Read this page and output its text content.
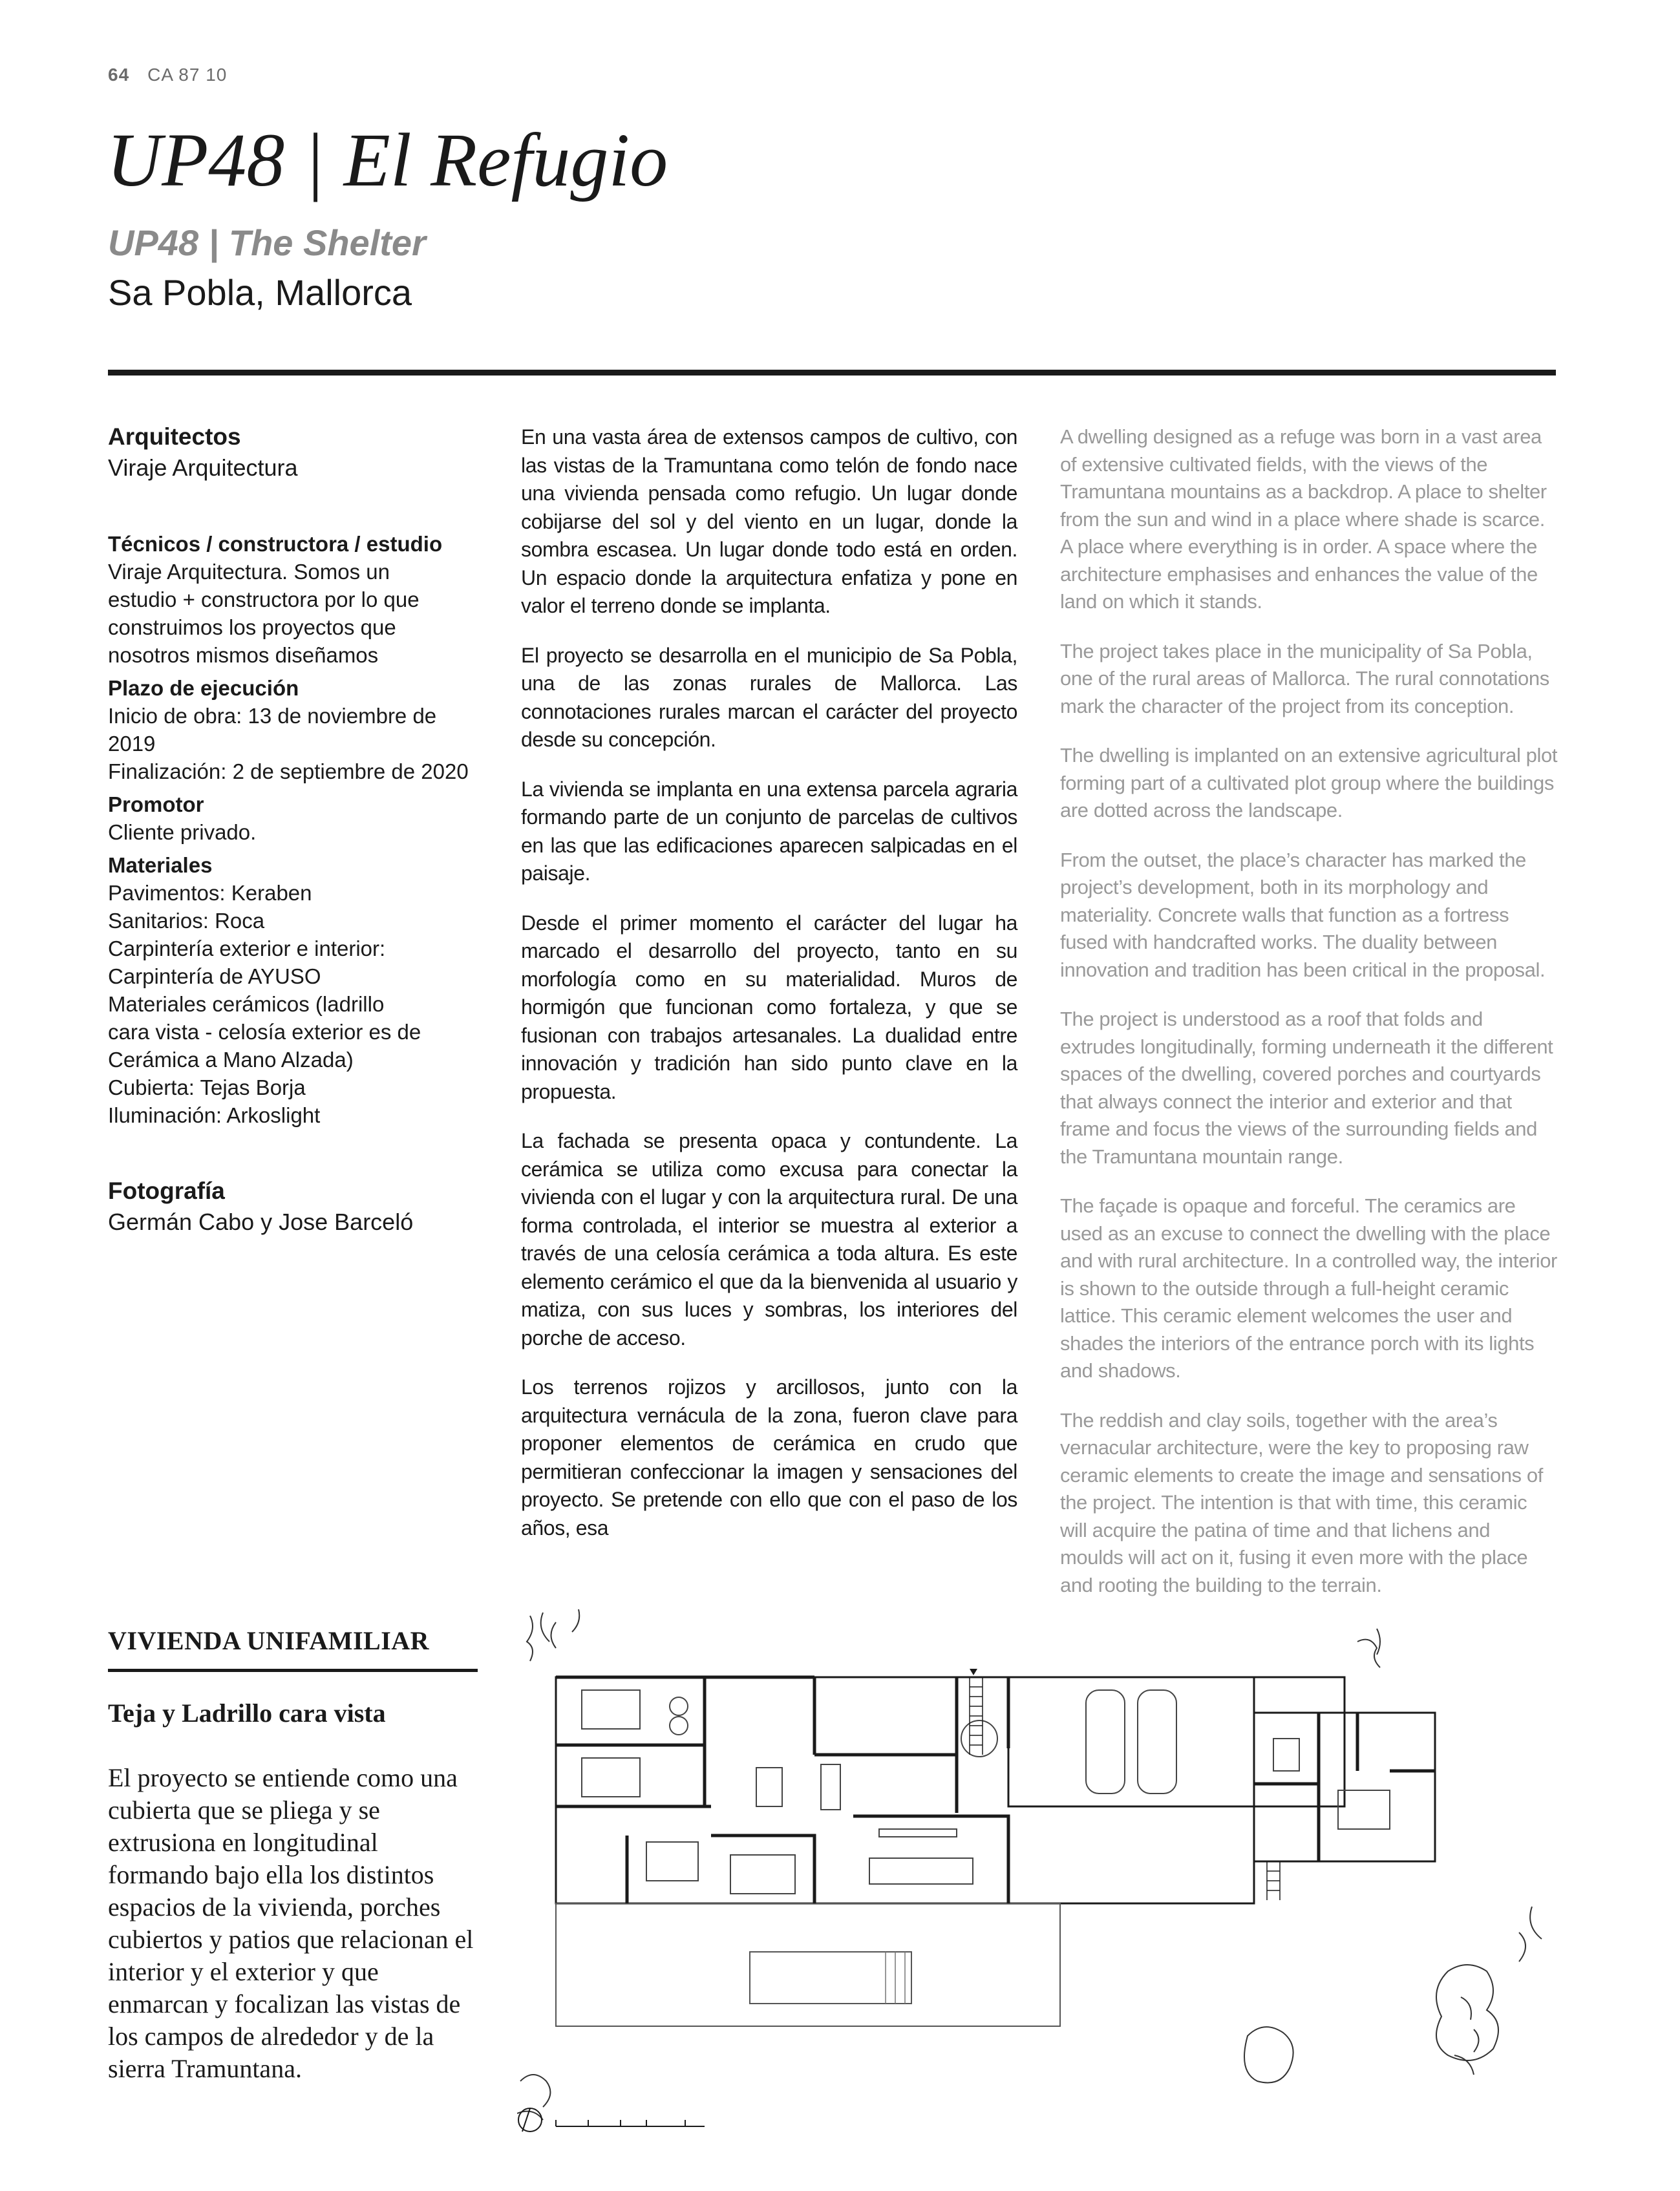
64 CA 87 10
UP48 | El Refugio
UP48 | The Shelter
Sa Pobla, Mallorca
Arquitectos
Viraje Arquitectura
Técnicos / constructora / estudio
Viraje Arquitectura. Somos un
estudio + constructora por lo que
construimos los proyectos que
nosotros mismos diseñamos
Plazo de ejecución
Inicio de obra: 13 de noviembre de
2019
Finalización: 2 de septiembre de 2020
Promotor
Cliente privado.
Materiales
Pavimentos: Keraben
Sanitarios: Roca
Carpintería exterior e interior:
Carpintería de AYUSO
Materiales cerámicos (ladrillo
cara vista - celosía exterior es de
Cerámica a Mano Alzada)
Cubierta: Tejas Borja
Iluminación: Arkoslight
Fotografía
Germán Cabo y Jose Barceló

En una vasta área de extensos campos de cultivo, con las vistas de la Tramuntana como telón de fondo nace una vivienda pensada como refugio. Un lugar donde cobijarse del sol y del viento en un lugar, donde la sombra escasea. Un lugar donde todo está en orden. Un espacio donde la arquitectura enfatiza y pone en valor el terreno donde se implanta.

El proyecto se desarrolla en el municipio de Sa Pobla, una de las zonas rurales de Mallorca. Las connotaciones rurales marcan el carácter del proyecto desde su concepción.

La vivienda se implanta en una extensa parcela agraria formando parte de un conjunto de parcelas de cultivos en las que las edificaciones aparecen salpicadas en el paisaje.

Desde el primer momento el carácter del lugar ha marcado el desarrollo del proyecto, tanto en su morfología como en su materialidad. Muros de hormigón que funcionan como fortaleza, y que se fusionan con trabajos artesanales. La dualidad entre innovación y tradición han sido punto clave en la propuesta.

La fachada se presenta opaca y contundente. La cerámica se utiliza como excusa para conectar la vivienda con el lugar y con la arquitectura rural. De una forma controlada, el interior se muestra al exterior a través de una celosía cerámica a toda altura. Es este elemento cerámico el que da la bienvenida al usuario y matiza, con sus luces y sombras, los interiores del porche de acceso.

Los terrenos rojizos y arcillosos, junto con la arquitectura vernácula de la zona, fueron clave para proponer elementos de cerámica en crudo que permitieran confeccionar la imagen y sensaciones del proyecto. Se pretende con ello que con el paso de los años, esa

A dwelling designed as a refuge was born in a vast area of extensive cultivated fields, with the views of the Tramuntana mountains as a backdrop. A place to shelter from the sun and wind in a place where shade is scarce. A place where everything is in order. A space where the architecture emphasises and enhances the value of the land on which it stands.

The project takes place in the municipality of Sa Pobla, one of the rural areas of Mallorca. The rural connotations mark the character of the project from its conception.

The dwelling is implanted on an extensive agricultural plot forming part of a cultivated plot group where the buildings are dotted across the landscape.

From the outset, the place’s character has marked the project’s development, both in its morphology and materiality. Concrete walls that function as a fortress fused with handcrafted works. The duality between innovation and tradition has been critical in the proposal.

The project is understood as a roof that folds and extrudes longitudinally, forming underneath it the different spaces of the dwelling, covered porches and courtyards that always connect the interior and exterior and that frame and focus the views of the surrounding fields and the Tramuntana mountain range.

The façade is opaque and forceful. The ceramics are used as an excuse to connect the dwelling with the place and with rural architecture. In a controlled way, the interior is shown to the outside through a full-height ceramic lattice. This ceramic element welcomes the user and shades the interiors of the entrance porch with its lights and shadows.

The reddish and clay soils, together with the area’s vernacular architecture, were the key to proposing raw ceramic elements to create the image and sensations of the project. The intention is that with time, this ceramic will acquire the patina of time and that lichens and moulds will act on it, fusing it even more with the place and rooting the building to the terrain.

VIVIENDA UNIFAMILIAR
Teja y Ladrillo cara vista

El proyecto se entiende como una cubierta que se pliega y se extrusiona en longitudinal formando bajo ella los distintos espacios de la vivienda, porches cubiertos y patios que relacionan el interior y el exterior y que enmarcan y focalizan las vistas de los campos de alrededor y de la sierra Tramuntana.
